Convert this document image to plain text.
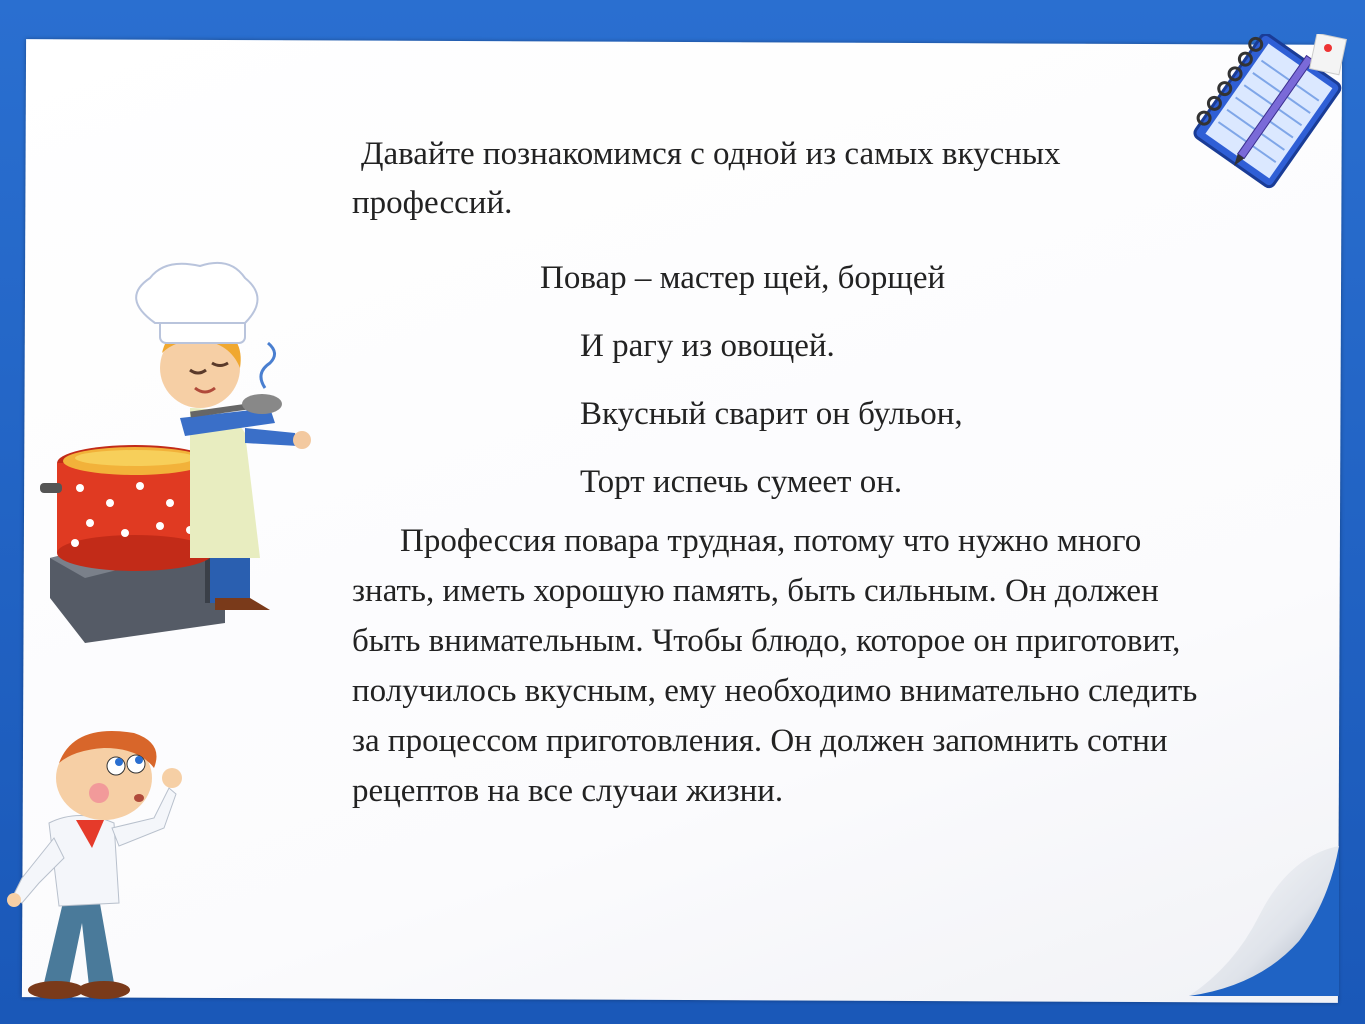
Давайте познакомимся с одной из самых вкусных профессий.

Повар – мастер щей, борщей
И рагу из овощей.
Вкусный сварит он бульон,
Торт испечь сумеет он.

Профессия повара трудная, потому что нужно много знать, иметь хорошую память, быть сильным. Он должен быть внимательным. Чтобы блюдо, которое он приготовит, получилось вкусным, ему необходимо внимательно следить за процессом приготовления. Он должен запомнить сотни рецептов на все случаи жизни.
